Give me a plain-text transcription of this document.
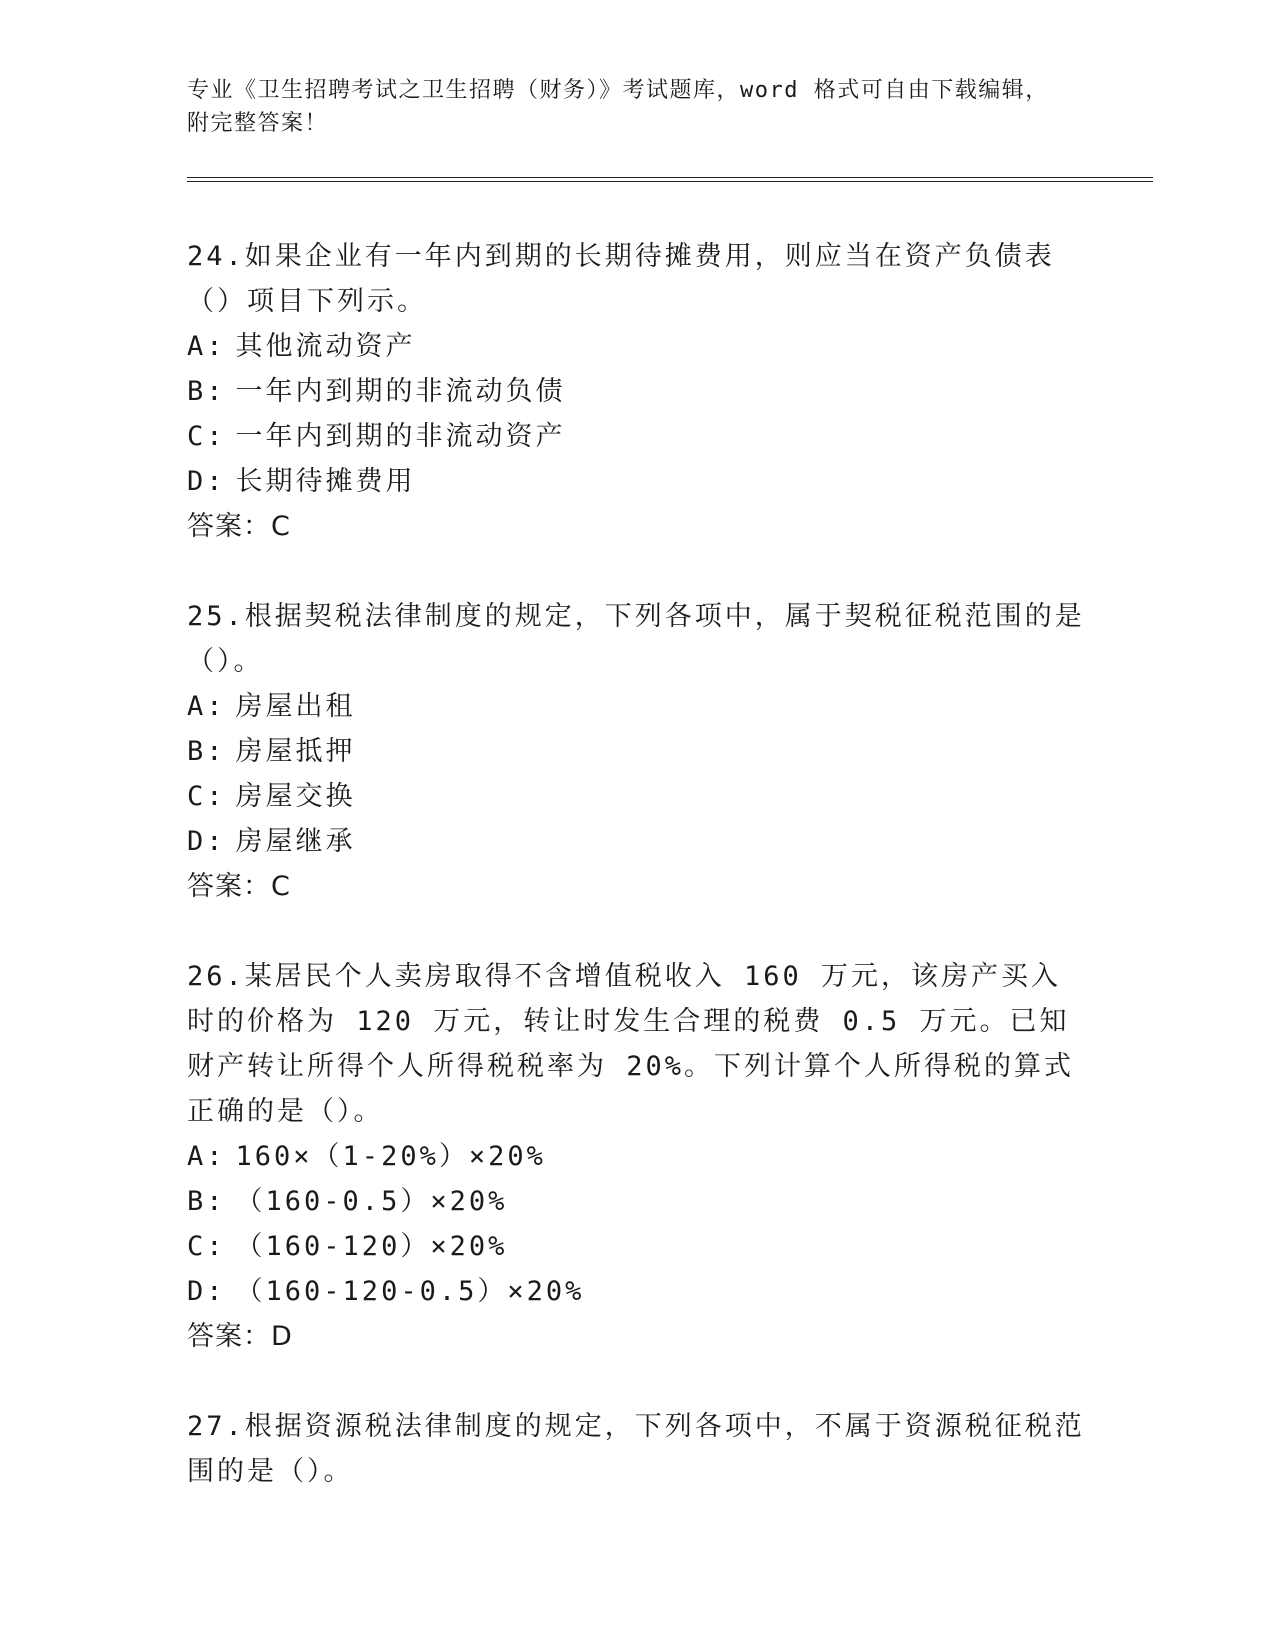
专业《卫生招聘考试之卫生招聘（财务）》考试题库，word 格式可自由下载编辑，附完整答案！
24.如果企业有一年内到期的长期待摊费用，则应当在资产负债表（）项目下列示。
A: 其他流动资产
B: 一年内到期的非流动负债
C: 一年内到期的非流动资产
D: 长期待摊费用
答案：C
25.根据契税法律制度的规定，下列各项中，属于契税征税范围的是（）。
A: 房屋出租
B: 房屋抵押
C: 房屋交换
D: 房屋继承
答案：C
26.某居民个人卖房取得不含增值税收入 160 万元，该房产买入时的价格为 120 万元，转让时发生合理的税费 0.5 万元。已知财产转让所得个人所得税税率为 20%。下列计算个人所得税的算式正确的是（）。
A: 160×（1-20%）×20%
B: （160-0.5）×20%
C: （160-120）×20%
D: （160-120-0.5）×20%
答案：D
27.根据资源税法律制度的规定，下列各项中，不属于资源税征税范围的是（）。
